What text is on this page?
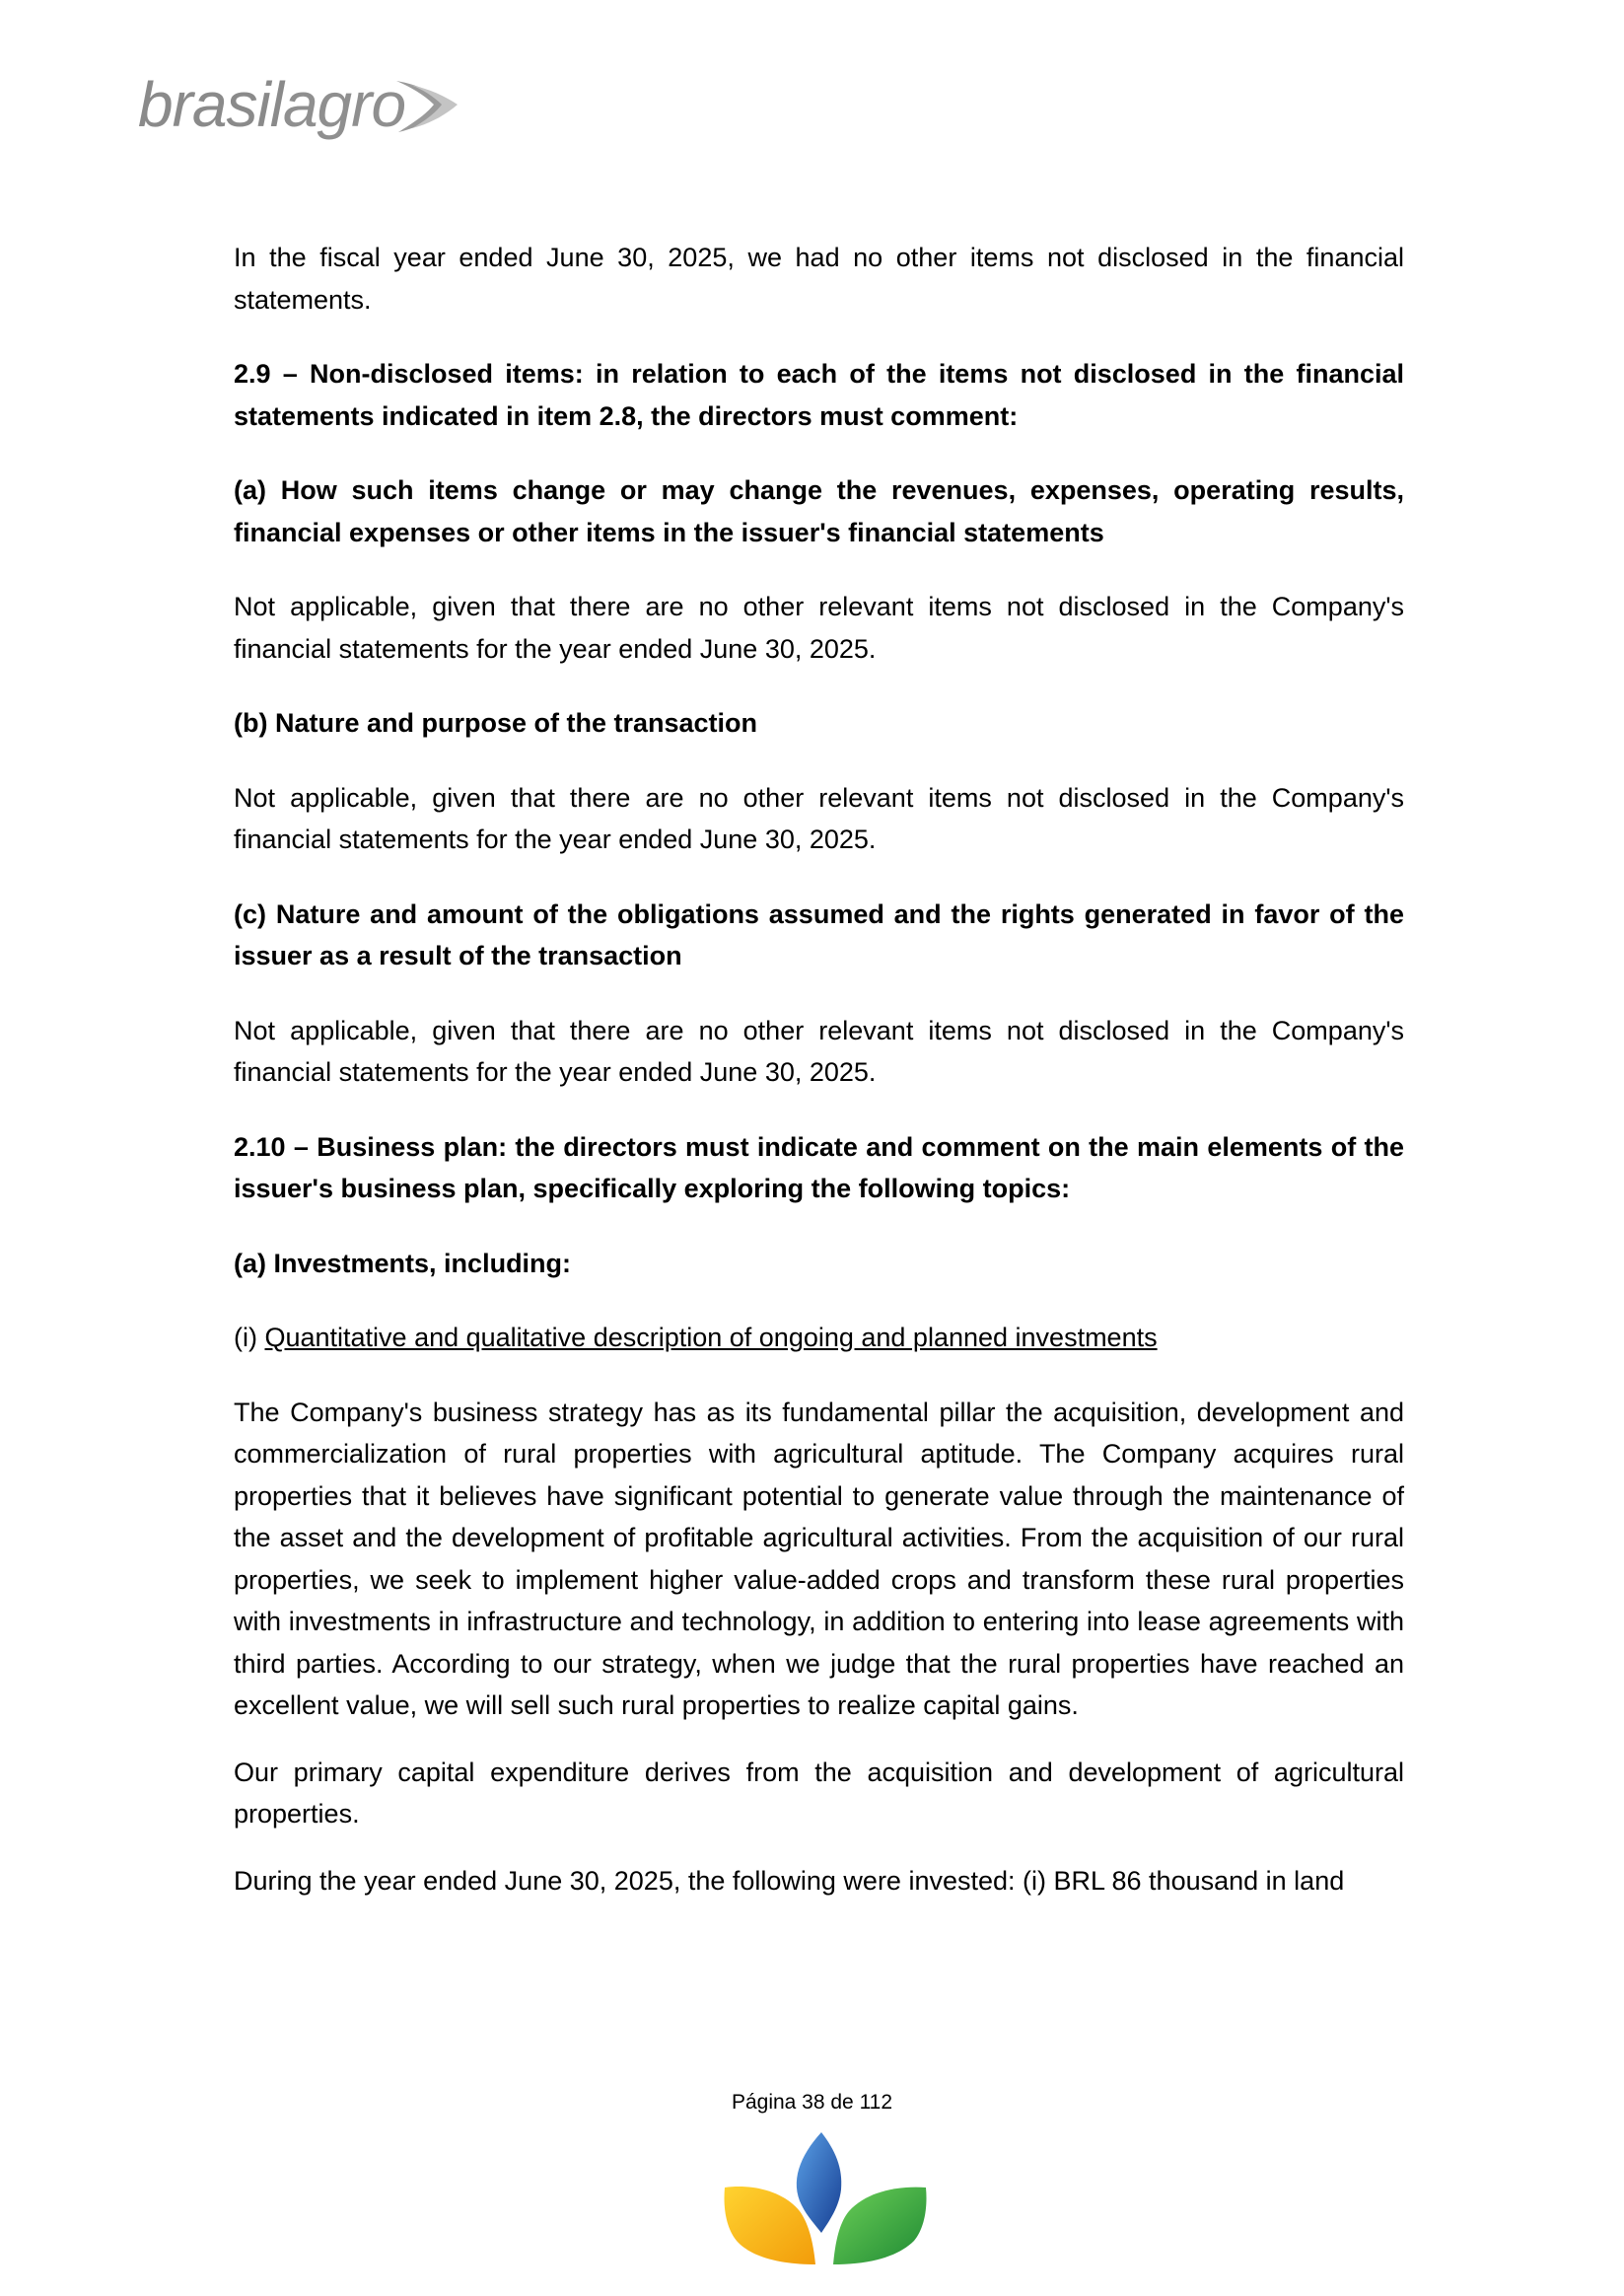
brasilagro

In the fiscal year ended June 30, 2025, we had no other items not disclosed in the financial statements.

2.9 – Non-disclosed items: in relation to each of the items not disclosed in the financial statements indicated in item 2.8, the directors must comment:

(a) How such items change or may change the revenues, expenses, operating results, financial expenses or other items in the issuer's financial statements

Not applicable, given that there are no other relevant items not disclosed in the Company's financial statements for the year ended June 30, 2025.

(b) Nature and purpose of the transaction

Not applicable, given that there are no other relevant items not disclosed in the Company's financial statements for the year ended June 30, 2025.

(c) Nature and amount of the obligations assumed and the rights generated in favor of the issuer as a result of the transaction

Not applicable, given that there are no other relevant items not disclosed in the Company's financial statements for the year ended June 30, 2025.

2.10 – Business plan: the directors must indicate and comment on the main elements of the issuer's business plan, specifically exploring the following topics:

(a) Investments, including:

(i) Quantitative and qualitative description of ongoing and planned investments

The Company's business strategy has as its fundamental pillar the acquisition, development and commercialization of rural properties with agricultural aptitude. The Company acquires rural properties that it believes have significant potential to generate value through the maintenance of the asset and the development of profitable agricultural activities. From the acquisition of our rural properties, we seek to implement higher value-added crops and transform these rural properties with investments in infrastructure and technology, in addition to entering into lease agreements with third parties. According to our strategy, when we judge that the rural properties have reached an excellent value, we will sell such rural properties to realize capital gains.

Our primary capital expenditure derives from the acquisition and development of agricultural properties.

During the year ended June 30, 2025, the following were invested: (i) BRL 86 thousand in land

Página 38 de 112
